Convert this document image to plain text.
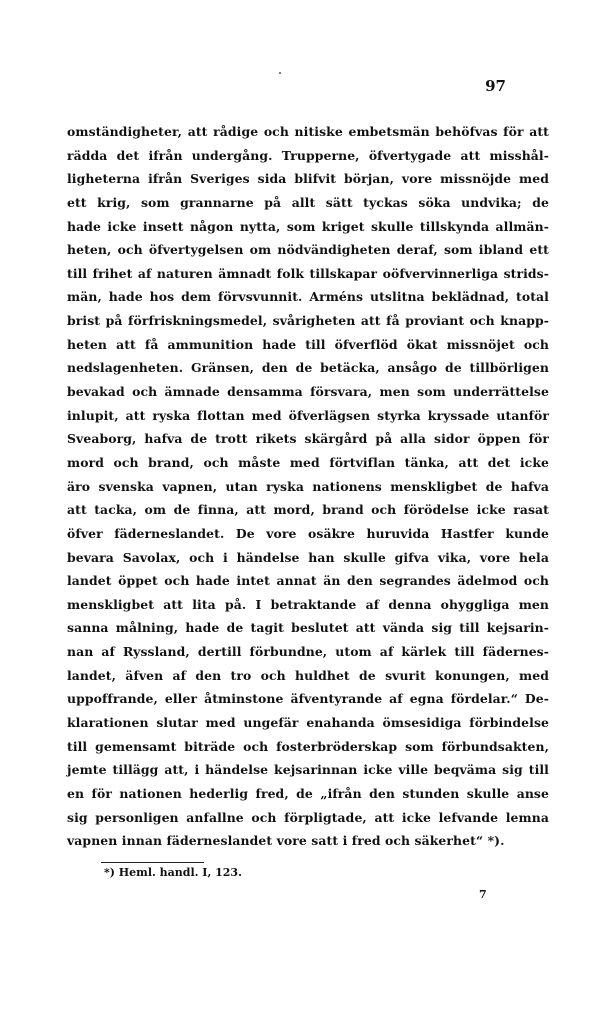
97
omständigheter, att rådige och nitiske embetsmän behöfvas för att
rädda det ifrån undergång. Trupperne, öfvertygade att misshål-
ligheterna ifrån Sveriges sida blifvit början, vore missnöjde med
ett krig, som grannarne på allt sätt tyckas söka undvika; de
hade icke insett någon nytta, som kriget skulle tillskynda allmän-
heten, och öfvertygelsen om nödvändigheten deraf, som ibland ett
till frihet af naturen ämnadt folk tillskapar oöfvervinnerliga strids-
män, hade hos dem förvsvunnit. Arméns utslitna beklädnad, total
brist på förfriskningsmedel, svårigheten att få proviant och knapp-
heten att få ammunition hade till öfverflöd ökat missnöjet och
nedslagenheten. Gränsen, den de betäcka, ansågo de tillbörligen
bevakad och ämnade densamma försvara, men som underrättelse
inlupit, att ryska flottan med öfverlägsen styrka kryssade utanför
Sveaborg, hafva de trott rikets skärgård på alla sidor öppen för
mord och brand, och måste med förtviflan tänka, att det icke
äro svenska vapnen, utan ryska nationens menskligbet de hafva
att tacka, om de finna, att mord, brand och förödelse icke rasat
öfver fäderneslandet. De vore osäkre huruvida Hastfer kunde
bevara Savolax, och i händelse han skulle gifva vika, vore hela
landet öppet och hade intet annat än den segrandes ädelmod och
menskligbet att lita på. I betraktande af denna ohyggliga men
sanna målning, hade de tagit beslutet att vända sig till kejsarin-
nan af Ryssland, dertill förbundne, utom af kärlek till fädernes-
landet, äfven af den tro och huldhet de svurit konungen, med
uppoffrande, eller åtminstone äfventyrande af egna fördelar.“ De-
klarationen slutar med ungefär enahanda ömsesidiga förbindelse
till gemensamt biträde och fosterbröderskap som förbundsakten,
jemte tillägg att, i händelse kejsarinnan icke ville beqväma sig till
en för nationen hederlig fred, de „ifrån den stunden skulle anse
sig personligen anfallne och förpligtade, att icke lefvande lemna
vapnen innan fäderneslandet vore satt i fred och säkerhet“ *).
*) Heml. handl. I, 123.
7
